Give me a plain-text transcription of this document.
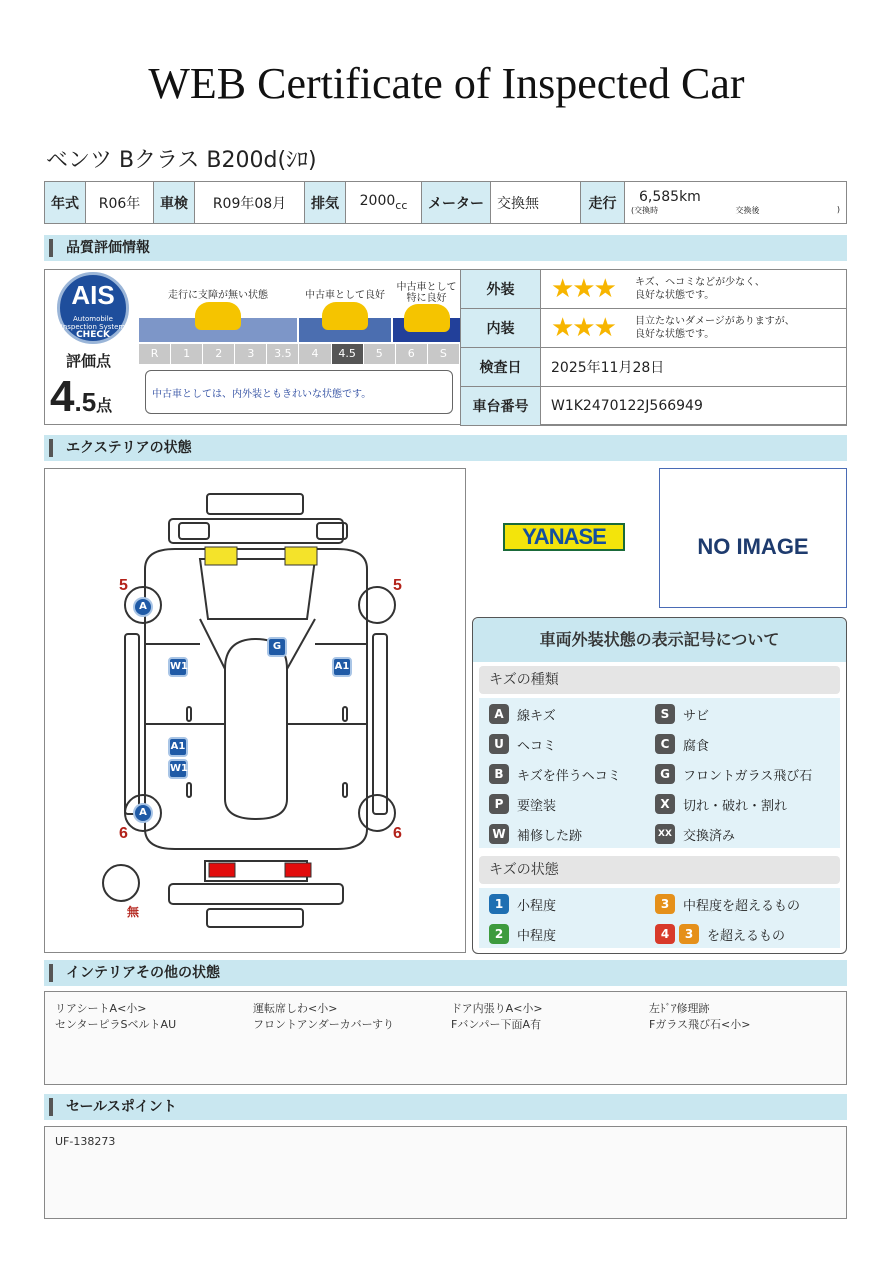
WEB Certificate of Inspected Car
ベンツ Bクラス B200d(ｼﾛ)
年式	R06年	車検	R09年08月	排気	$2000_{cc}$	メーター	交換無	走行	6,585km
(交換時	交換後	)
品質評価情報
AIS
Automobile Inspection System
CHECK
評価点
4.5点
走行に支障が無い状態	中古車として良好
中古車として特に良好
R	1	2	3	3.5	4	4.5	5	6	S
中古車としては、内外装ともきれいな状態です。
外装	★★★ キズ、ヘコミなどが少なく、
良好な状態です。

内装	★★★ 目立たないダメージがありますが、
良好な状態です。

検査日	2025年11月28日
車台番号	W1K2470122J566949
エクステリアの状態
A
A
W1
G
A1
A1
W1
5	5
6	6
無
YANASE	NO IMAGE
車両外装状態の表示記号について
キズの種類
キズの状態
A	線キズ	S	サビ
U	ヘコミ	C	腐食
B	キズを伴うヘコミ	G	フロントガラス飛び石
P	要塗装	X	切れ・破れ・割れ
W 補修した跡	XX 交換済み
1	小程度	3	中程度を超えるもの
2	中程度	4	3	を超えるもの
インテリアその他の状態
リアシートA<小>	運転席しわ<小>	ドア内張りA<小>	左ﾄﾞｱ修理跡
センターピラSベルトAU	フロントアンダーカバーすり	Fバンパー下面A有	Fガラス飛び石<小>
セールスポイント
UF-138273
